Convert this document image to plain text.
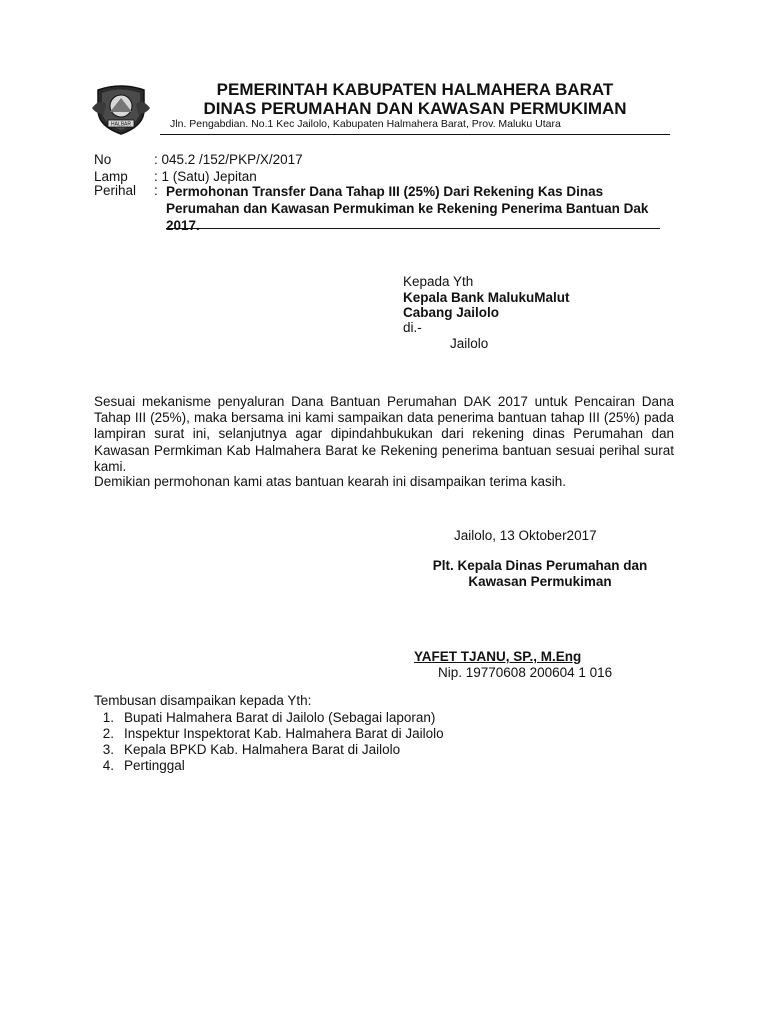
HALBAR
PEMERINTAH KABUPATEN HALMAHERA BARAT
DINAS PERUMAHAN DAN KAWASAN PERMUKIMAN
Jln. Pengabdian. No.1 Kec Jailolo, Kabupaten Halmahera Barat, Prov. Maluku Utara
No	: 045.2 /152/PKP/X/2017
Lamp : 1 (Satu) Jepitan
Perihal : Permohonan Transfer Dana Tahap III (25%) Dari Rekening Kas Dinas Perumahan dan Kawasan Permukiman ke Rekening Penerima Bantuan Dak 2017.
Kepada Yth
Kepala Bank MalukuMalut
Cabang Jailolo
di.-
Jailolo
Sesuai mekanisme penyaluran Dana Bantuan Perumahan DAK 2017 untuk Pencairan Dana Tahap III (25%), maka bersama ini kami sampaikan data penerima bantuan tahap III (25%) pada lampiran surat ini, selanjutnya agar dipindahbukukan dari rekening dinas Perumahan dan Kawasan Permkiman Kab Halmahera Barat ke Rekening penerima bantuan sesuai perihal surat kami.
Demikian permohonan kami atas bantuan kearah ini disampaikan terima kasih.
Jailolo, 13 Oktober2017
Plt. Kepala Dinas Perumahan dan
Kawasan Permukiman
YAFET TJANU, SP., M.Eng
Nip. 19770608 200604 1 016
Tembusan disampaikan kepada Yth:
1. Bupati Halmahera Barat di Jailolo (Sebagai laporan)
2. Inspektur Inspektorat Kab. Halmahera Barat di Jailolo
3. Kepala BPKD Kab. Halmahera Barat di Jailolo
4. Pertinggal
